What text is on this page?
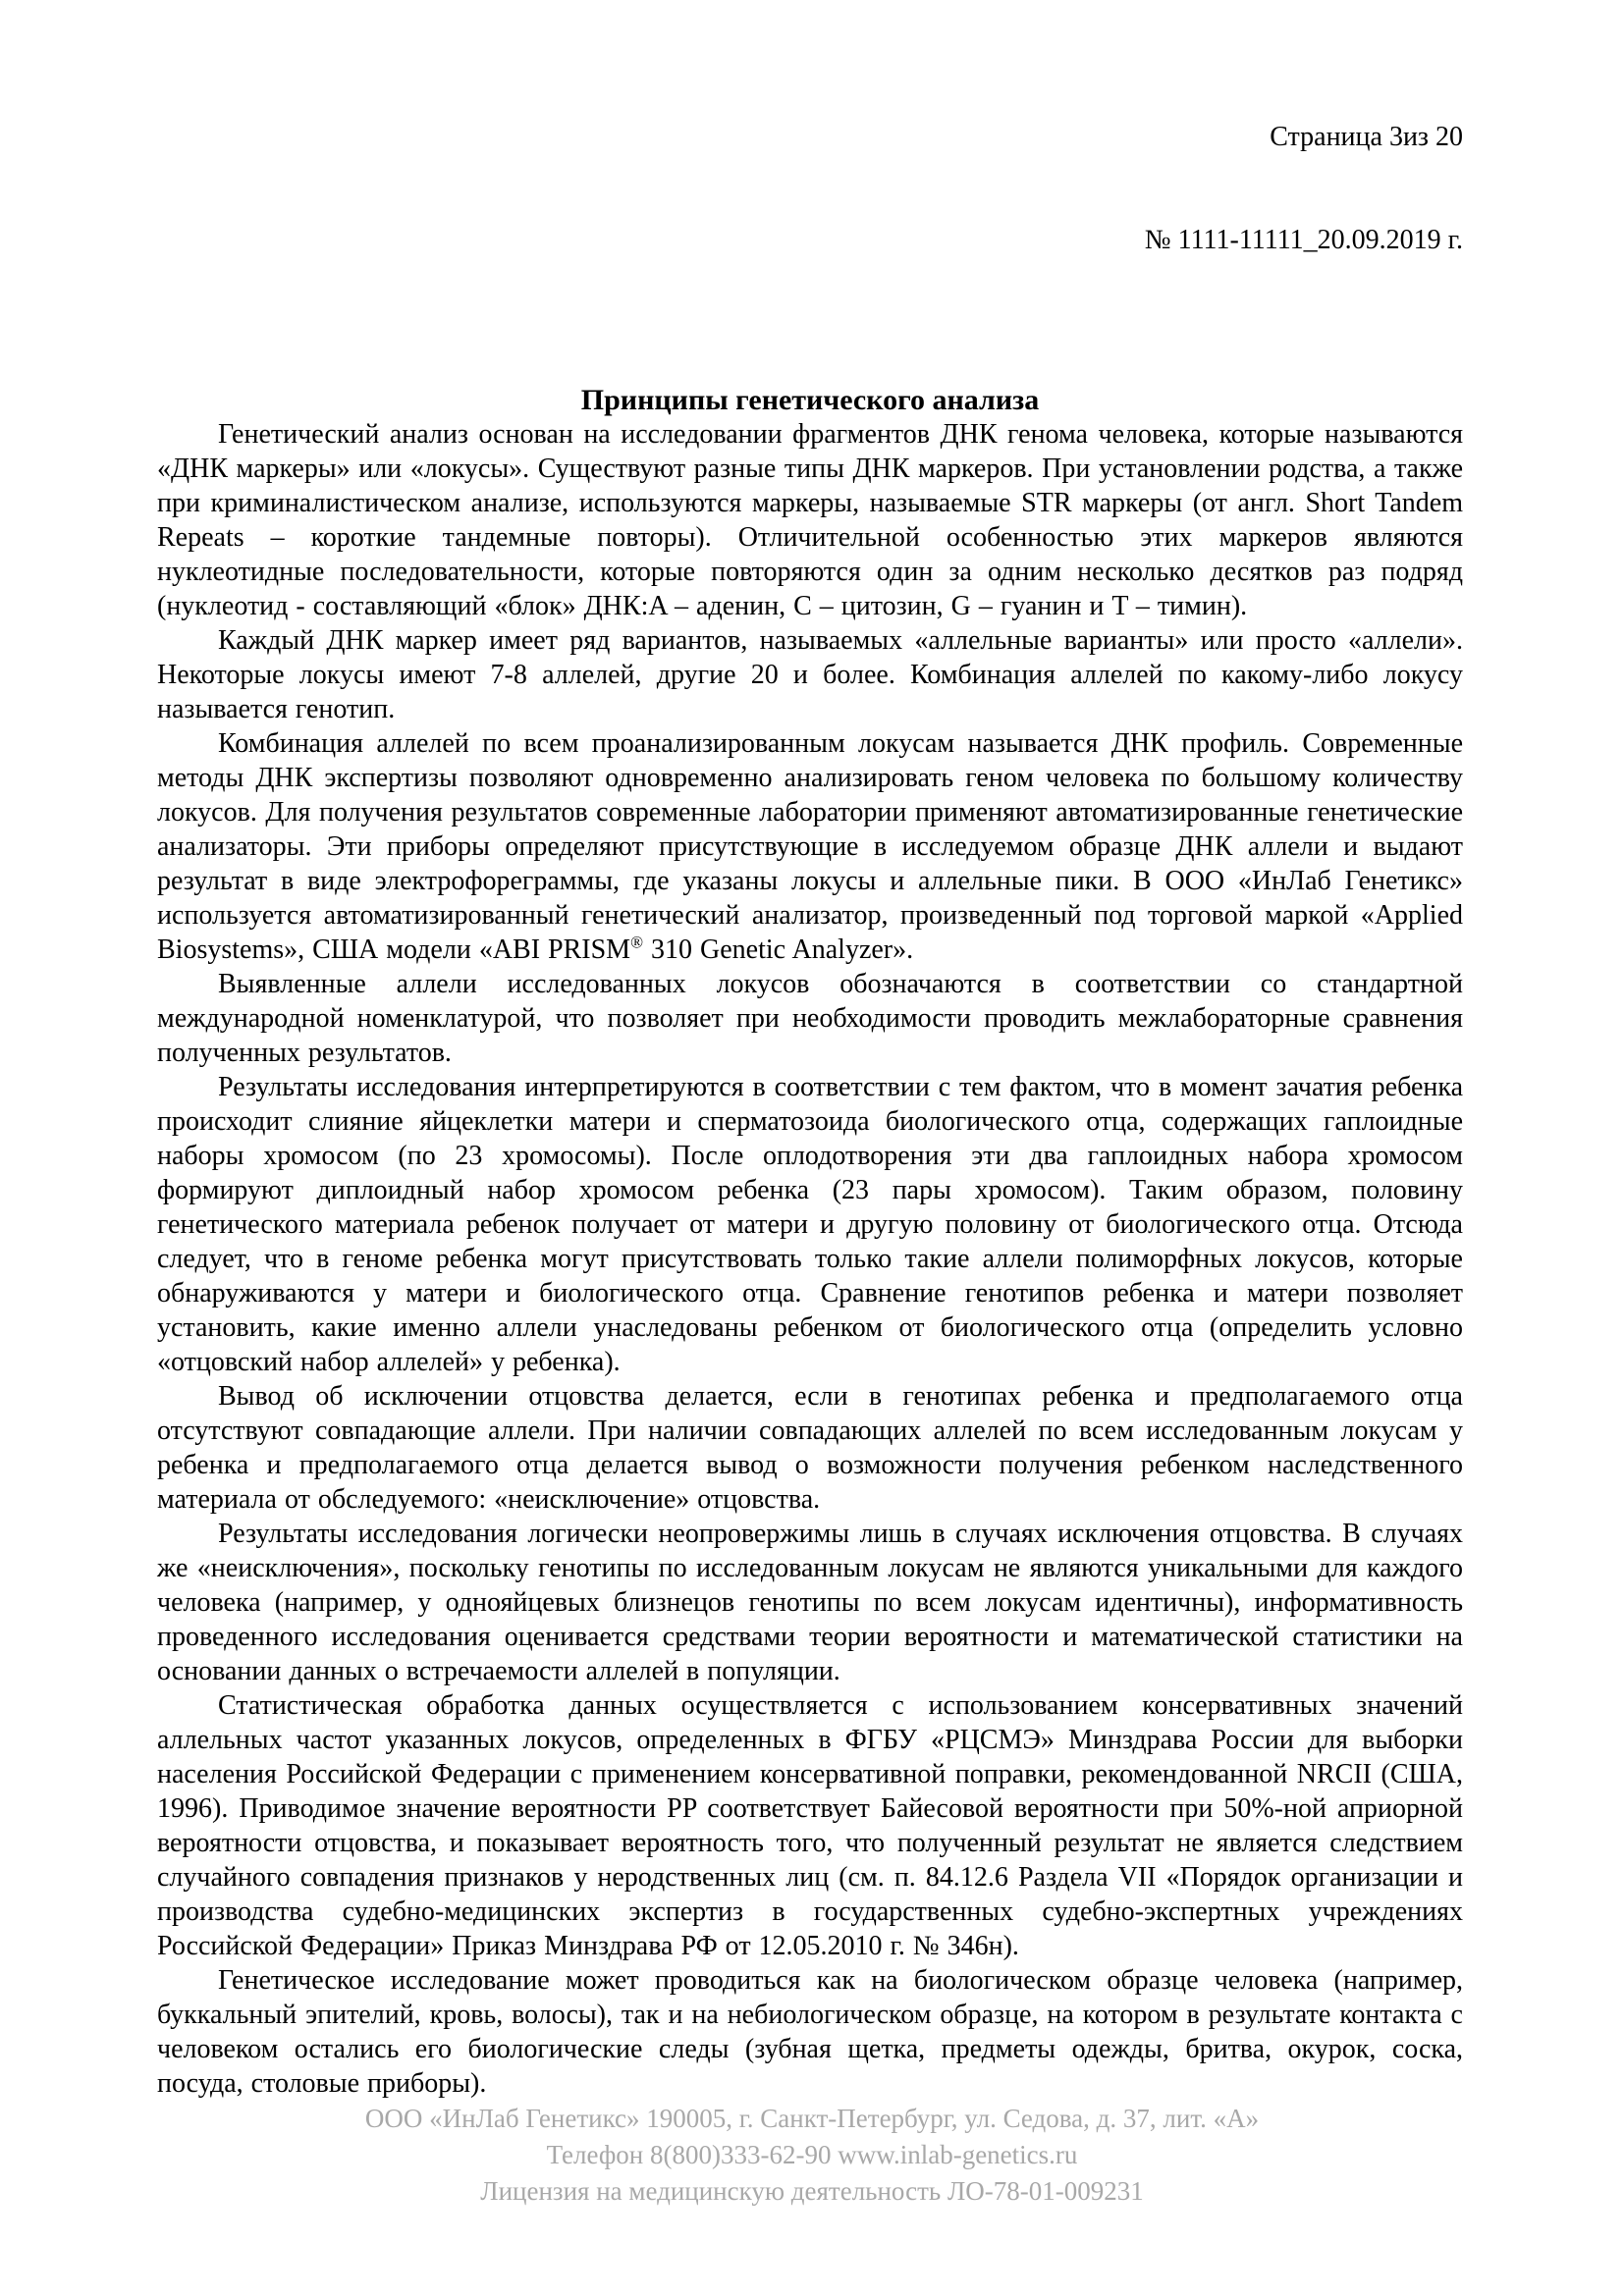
Страница 3из 20

№ 1111-11111_20.09.2019 г.

Принципы генетического анализа

Генетический анализ основан на исследовании фрагментов ДНК генома человека, которые называются «ДНК маркеры» или «локусы». Существуют разные типы ДНК маркеров. При установлении родства, а также при криминалистическом анализе, используются маркеры, называемые STR маркеры (от англ. Short Tandem Repeats – короткие тандемные повторы). Отличительной особенностью этих маркеров являются нуклеотидные последовательности, которые повторяются один за одним несколько десятков раз подряд (нуклеотид - составляющий «блок» ДНК:A – аденин, C – цитозин, G – гуанин и T – тимин).

Каждый ДНК маркер имеет ряд вариантов, называемых «аллельные варианты» или просто «аллели». Некоторые локусы имеют 7-8 аллелей, другие 20 и более. Комбинация аллелей по какому-либо локусу называется генотип.

Комбинация аллелей по всем проанализированным локусам называется ДНК профиль. Современные методы ДНК экспертизы позволяют одновременно анализировать геном человека по большому количеству локусов. Для получения результатов современные лаборатории применяют автоматизированные генетические анализаторы. Эти приборы определяют присутствующие в исследуемом образце ДНК аллели и выдают результат в виде электрофореграммы, где указаны локусы и аллельные пики. В ООО «ИнЛаб Генетикс» используется автоматизированный генетический анализатор, произведенный под торговой маркой «Applied Biosystems», США модели «ABI PRISM® 310 Genetic Analyzer».

Выявленные аллели исследованных локусов обозначаются в соответствии со стандартной международной номенклатурой, что позволяет при необходимости проводить межлабораторные сравнения полученных результатов.

Результаты исследования интерпретируются в соответствии с тем фактом, что в момент зачатия ребенка происходит слияние яйцеклетки матери и сперматозоида биологического отца, содержащих гаплоидные наборы хромосом (по 23 хромосомы). После оплодотворения эти два гаплоидных набора хромосом формируют диплоидный набор хромосом ребенка (23 пары хромосом). Таким образом, половину генетического материала ребенок получает от матери и другую половину от биологического отца. Отсюда следует, что в геноме ребенка могут присутствовать только такие аллели полиморфных локусов, которые обнаруживаются у матери и биологического отца. Сравнение генотипов ребенка и матери позволяет установить, какие именно аллели унаследованы ребенком от биологического отца (определить условно «отцовский набор аллелей» у ребенка).

Вывод об исключении отцовства делается, если в генотипах ребенка и предполагаемого отца отсутствуют совпадающие аллели. При наличии совпадающих аллелей по всем исследованным локусам у ребенка и предполагаемого отца делается вывод о возможности получения ребенком наследственного материала от обследуемого: «неисключение» отцовства.

Результаты исследования логически неопровержимы лишь в случаях исключения отцовства. В случаях же «неисключения», поскольку генотипы по исследованным локусам не являются уникальными для каждого человека (например, у однояйцевых близнецов генотипы по всем локусам идентичны), информативность проведенного исследования оценивается средствами теории вероятности и математической статистики на основании данных о встречаемости аллелей в популяции.

Статистическая обработка данных осуществляется с использованием консервативных значений аллельных частот указанных локусов, определенных в ФГБУ «РЦСМЭ» Минздрава России для выборки населения Российской Федерации с применением консервативной поправки, рекомендованной NRCII (США, 1996). Приводимое значение вероятности PP соответствует Байесовой вероятности при 50%-ной априорной вероятности отцовства, и показывает вероятность того, что полученный результат не является следствием случайного совпадения признаков у неродственных лиц (см. п. 84.12.6 Раздела VII «Порядок организации и производства судебно-медицинских экспертиз в государственных судебно-экспертных учреждениях Российской Федерации» Приказ Минздрава РФ от 12.05.2010 г. № 346н).

Генетическое исследование может проводиться как на биологическом образце человека (например, буккальный эпителий, кровь, волосы), так и на небиологическом образце, на котором в результате контакта с человеком остались его биологические следы (зубная щетка, предметы одежды, бритва, окурок, соска, посуда, столовые приборы).

ООО «ИнЛаб Генетикс» 190005, г. Санкт-Петербург, ул. Седова, д. 37, лит. «А»
Телефон 8(800)333-62-90 www.inlab-genetics.ru
Лицензия на медицинскую деятельность ЛО-78-01-009231
